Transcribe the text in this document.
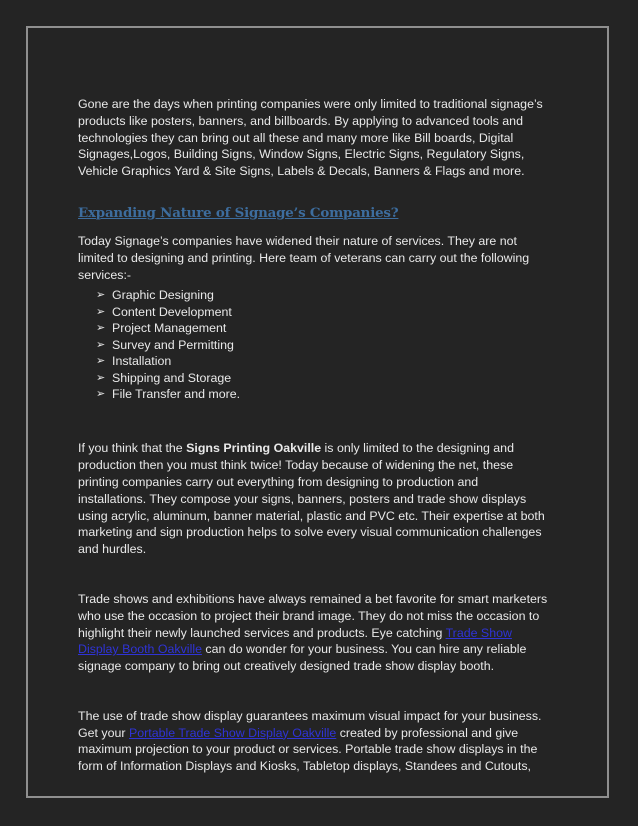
Gone are the days when printing companies were only limited to traditional signage’s products like posters, banners, and billboards. By applying to advanced tools and technologies they can bring out all these and many more like Bill boards, Digital Signages,Logos, Building Signs, Window Signs, Electric Signs, Regulatory Signs, Vehicle Graphics Yard & Site Signs, Labels & Decals, Banners & Flags and more.

Expanding Nature of Signage’s Companies?

Today Signage’s companies have widened their nature of services. They are not limited to designing and printing. Here team of veterans can carry out the following services:-

➢ Graphic Designing
➢ Content Development
➢ Project Management
➢ Survey and Permitting
➢ Installation
➢ Shipping and Storage
➢ File Transfer and more.

If you think that the Signs Printing Oakville is only limited to the designing and production then you must think twice! Today because of widening the net, these printing companies carry out everything from designing to production and installations. They compose your signs, banners, posters and trade show displays using acrylic, aluminum, banner material, plastic and PVC etc. Their expertise at both marketing and sign production helps to solve every visual communication challenges and hurdles.

Trade shows and exhibitions have always remained a bet favorite for smart marketers who use the occasion to project their brand image. They do not miss the occasion to highlight their newly launched services and products. Eye catching Trade Show Display Booth Oakville can do wonder for your business. You can hire any reliable signage company to bring out creatively designed trade show display booth.

The use of trade show display guarantees maximum visual impact for your business. Get your Portable Trade Show Display Oakville created by professional and give maximum projection to your product or services. Portable trade show displays in the form of Information Displays and Kiosks, Tabletop displays, Standees and Cutouts,
